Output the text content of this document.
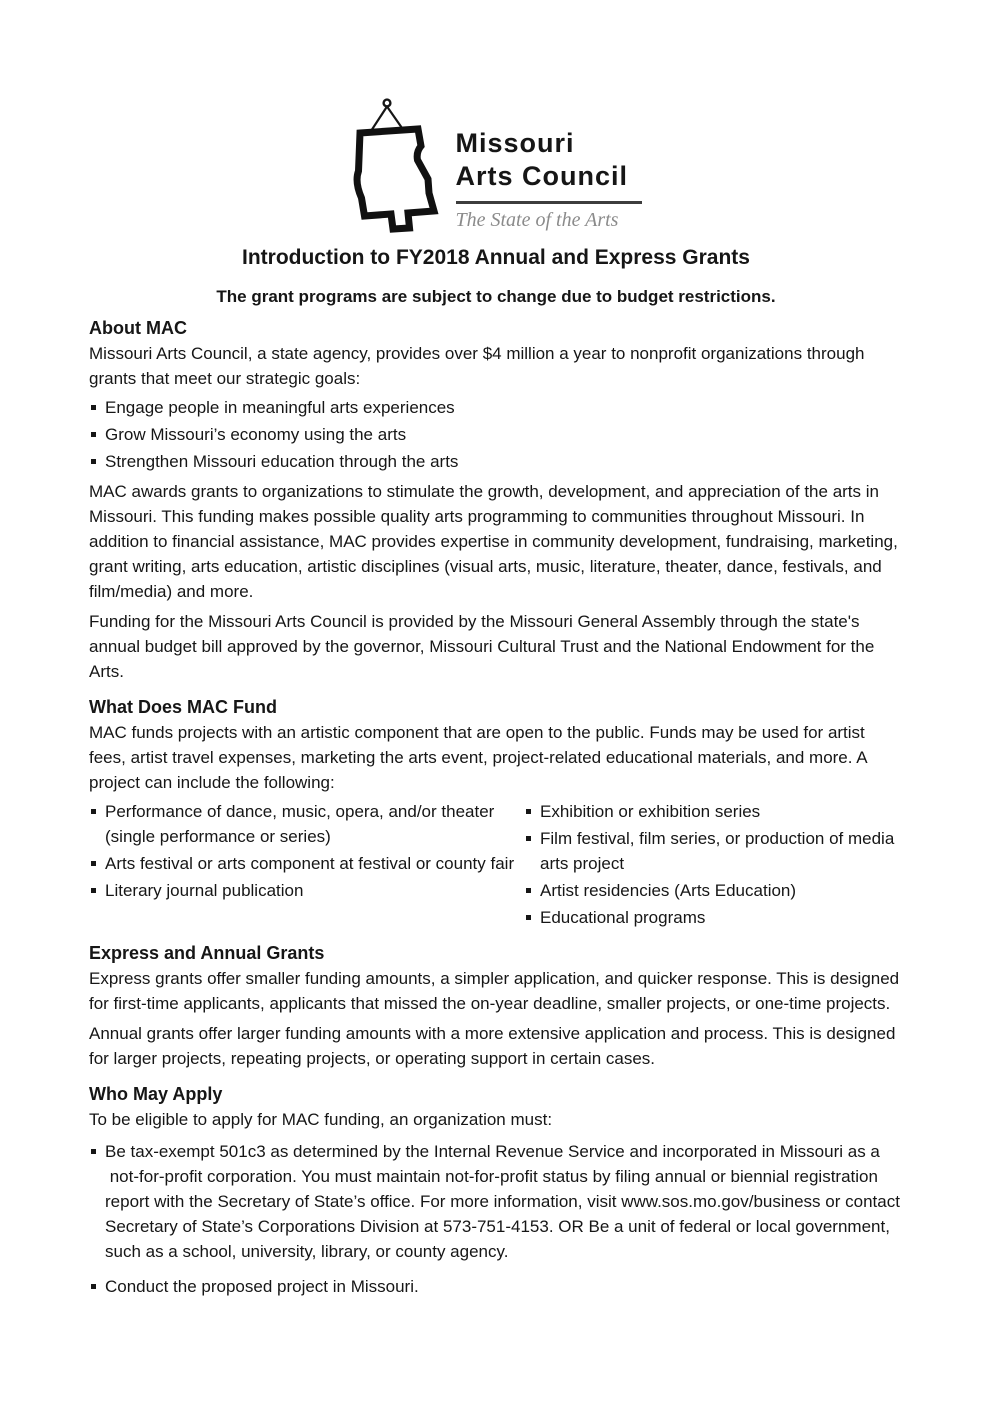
Missouri
Arts Council
The State of the Arts
Introduction to FY2018 Annual and Express Grants

The grant programs are subject to change due to budget restrictions.

About MAC

Missouri Arts Council, a state agency, provides over $4 million a year to nonprofit organizations through grants that meet our strategic goals:

Engage people in meaningful arts experiences
Grow Missouri’s economy using the arts
Strengthen Missouri education through the arts

MAC awards grants to organizations to stimulate the growth, development, and appreciation of the arts in Missouri. This funding makes possible quality arts programming to communities throughout Missouri. In addition to financial assistance, MAC provides expertise in community development, fundraising, marketing, grant writing, arts education, artistic disciplines (visual arts, music, literature, theater, dance, festivals, and film/media) and more.

Funding for the Missouri Arts Council is provided by the Missouri General Assembly through the state's annual budget bill approved by the governor, Missouri Cultural Trust and the National Endowment for the Arts.

What Does MAC Fund

MAC funds projects with an artistic component that are open to the public. Funds may be used for artist fees, artist travel expenses, marketing the arts event, project-related educational materials, and more. A project can include the following:

Performance of dance, music, opera, and/or theater (single performance or series)
Arts festival or arts component at festival or county fair
Literary journal publication
Exhibition or exhibition series
Film festival, film series, or production of media arts project
Artist residencies (Arts Education)
Educational programs
Express and Annual Grants

Express grants offer smaller funding amounts, a simpler application, and quicker response. This is designed for first-time applicants, applicants that missed the on-year deadline, smaller projects, or one-time projects.

Annual grants offer larger funding amounts with a more extensive application and process. This is designed for larger projects, repeating projects, or operating support in certain cases.

Who May Apply

To be eligible to apply for MAC funding, an organization must:

Be tax-exempt 501c3 as determined by the Internal Revenue Service and incorporated in Missouri as a  not-for-profit corporation. You must maintain not-for-profit status by filing annual or biennial registration report with the Secretary of State’s office. For more information, visit www.sos.mo.gov/business or contact Secretary of State’s Corporations Division at 573-751-4153. OR Be a unit of federal or local government, such as a school, university, library, or county agency.
Conduct the proposed project in Missouri.
